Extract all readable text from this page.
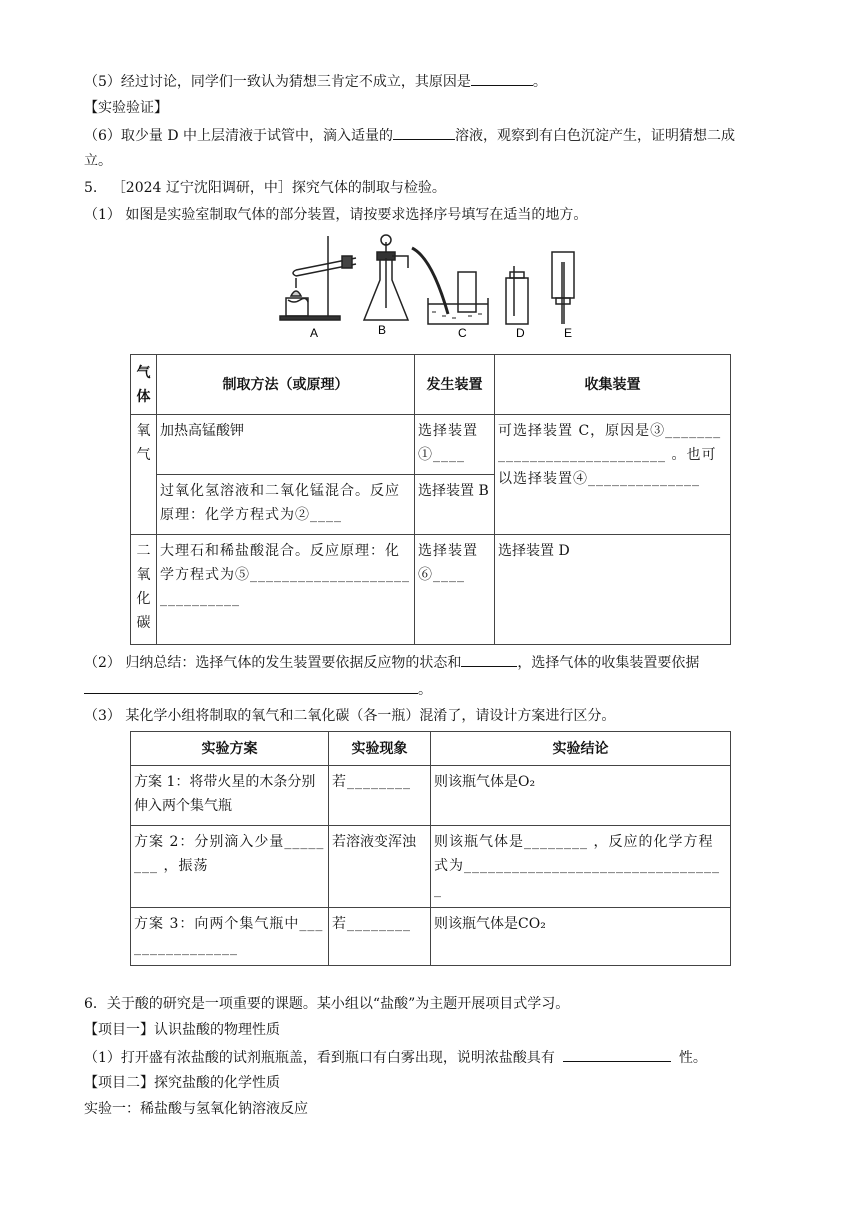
（5）经过讨论，同学们一致认为猜想三肯定不成立，其原因是	。
【实验验证】
（6）取少量 D 中上层清液于试管中，滴入适量的	溶液，观察到有白色沉淀产生，证明猜想二成
立。
5. ［2024 辽宁沈阳调研，中］探究气体的制取与检验。
（1） 如图是实验室制取气体的部分装置，请按要求选择序号填写在适当的地方。
A	B	C	D	E
气体	制取方法（或原理）	发生装置	收集装置
氧气	加热高锰酸钾	选择装置①____	可选择装置 C，原因是③____________________________ 。也可以选择装置④______________
	过氧化氢溶液和二氧化锰混合。反应原理：化学方程式为②____	选择装置 B	
二氧化碳	大理石和稀盐酸混合。反应原理：化学方程式为⑤______________________________	选择装置⑥____	选择装置 D
（2） 归纳总结：选择气体的发生装置要依据反应物的状态和	，选择气体的收集装置要依据
。
（3） 某化学小组将制取的氧气和二氧化碳（各一瓶）混淆了，请设计方案进行区分。
实验方案	实验现象	实验结论
方案 1：将带火星的木条分别伸入两个集气瓶	若________	则该瓶气体是O₂
方案 2：分别滴入少量________ ，振荡	若溶液变浑浊	则该瓶气体是________ ，反应的化学方程式为_________________________________
方案 3：向两个集气瓶中________________	若________	则该瓶气体是CO₂
6．关于酸的研究是一项重要的课题。某小组以“盐酸”为主题开展项目式学习。
【项目一】认识盐酸的物理性质
（1）打开盛有浓盐酸的试剂瓶瓶盖，看到瓶口有白雾出现，说明浓盐酸具有	性。
【项目二】探究盐酸的化学性质
实验一：稀盐酸与氢氧化钠溶液反应
